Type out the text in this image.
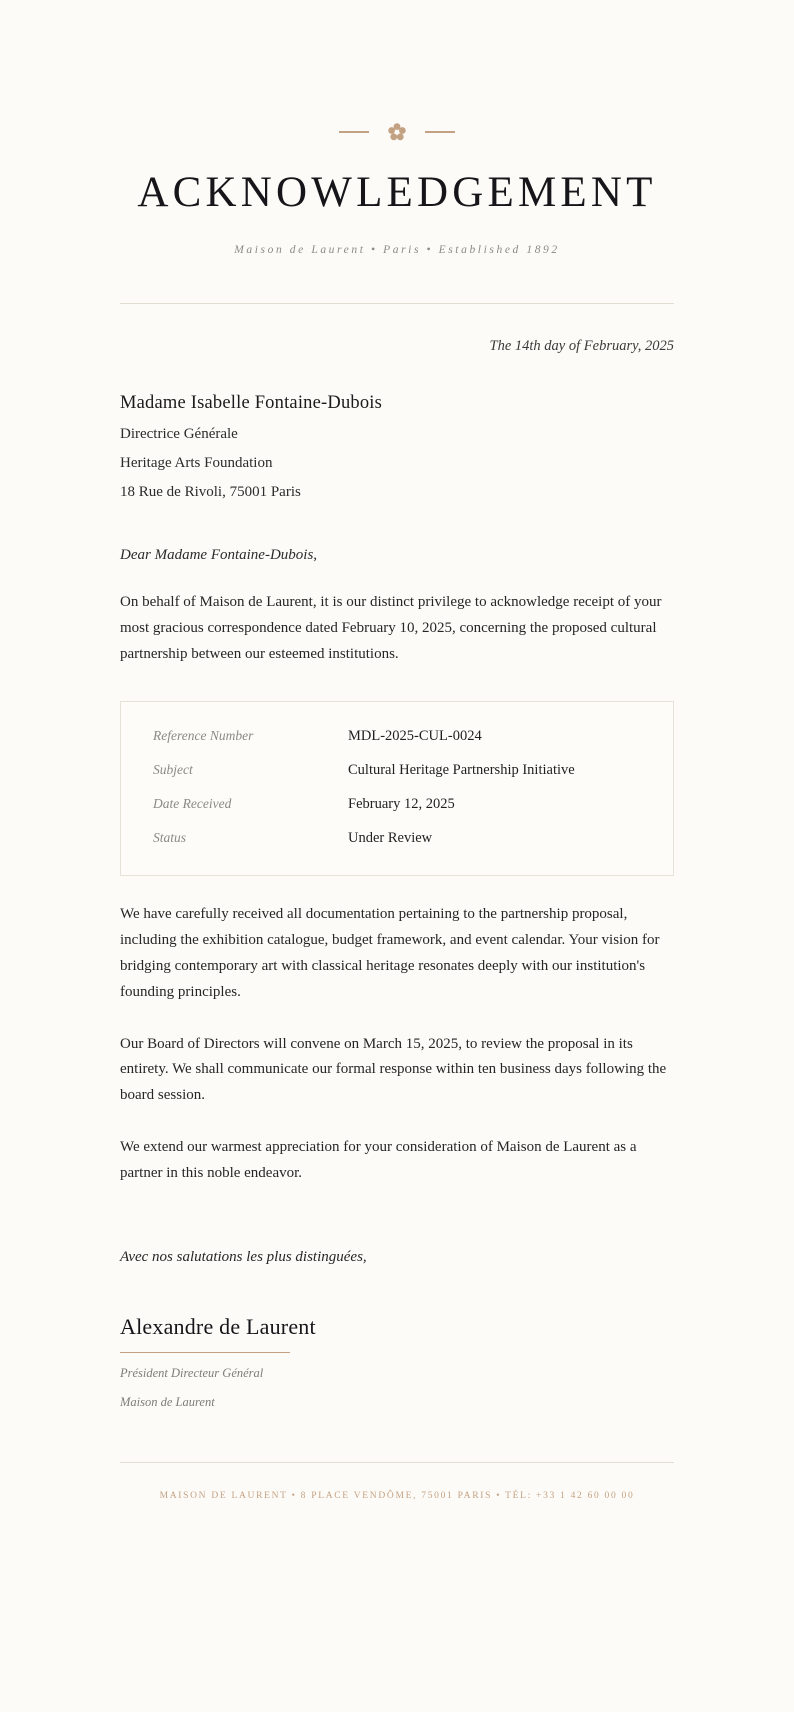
ACKNOWLEDGEMENT
Maison de Laurent • Paris • Established 1892
The 14th day of February, 2025
Madame Isabelle Fontaine-Dubois
Directrice Générale
Heritage Arts Foundation
18 Rue de Rivoli, 75001 Paris
Dear Madame Fontaine-Dubois,

On behalf of Maison de Laurent, it is our distinct privilege to acknowledge receipt of your most gracious correspondence dated February 10, 2025, concerning the proposed cultural partnership between our esteemed institutions.

Reference Number	MDL-2025-CUL-0024
Subject	Cultural Heritage Partnership Initiative
Date Received	February 12, 2025
Status	Under Review

We have carefully received all documentation pertaining to the partnership proposal, including the exhibition catalogue, budget framework, and event calendar. Your vision for bridging contemporary art with classical heritage resonates deeply with our institution's founding principles.

Our Board of Directors will convene on March 15, 2025, to review the proposal in its entirety. We shall communicate our formal response within ten business days following the board session.

We extend our warmest appreciation for your consideration of Maison de Laurent as a partner in this noble endeavor.

Avec nos salutations les plus distinguées,
Alexandre de Laurent
Président Directeur Général
Maison de Laurent
MAISON DE LAURENT • 8 PLACE VENDÔME, 75001 PARIS • TÉL: +33 1 42 60 00 00
